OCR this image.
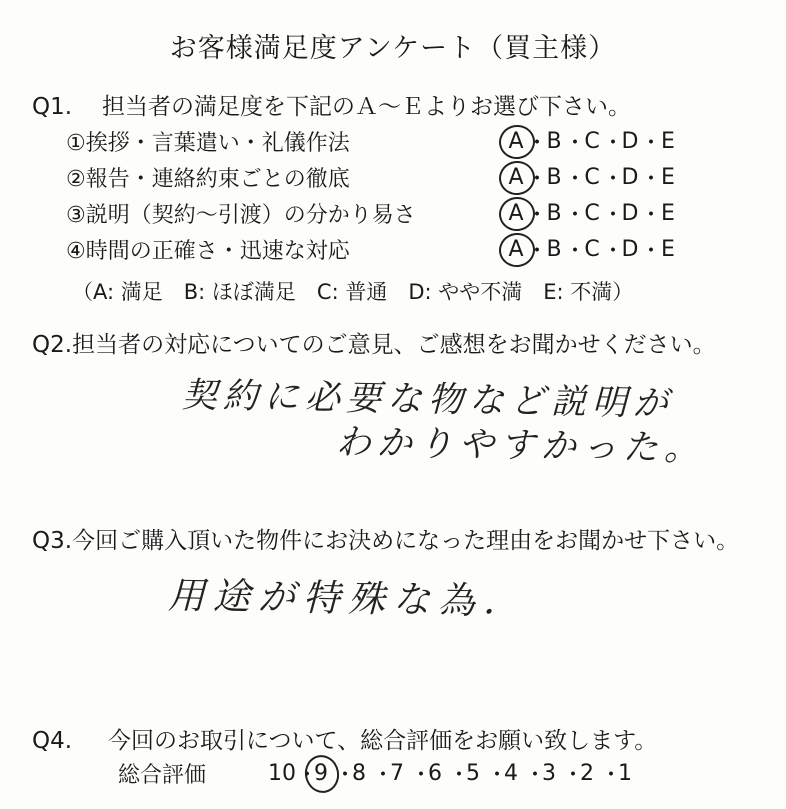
お客様満足度アンケート（買主様）
Q1. 担当者の満足度を下記のＡ～Ｅよりお選び下さい。
①挨拶・言葉遣い・礼儀作法
②報告・連絡約束ごとの徹底
③説明（契約～引渡）の分かり易さ
④時間の正確さ・迅速な対応
A ・
B ・
C ・
D ・ E
A ・
B ・
C ・
D ・ E
A ・
B ・
C ・
D ・ E
A ・
B ・
C ・
D ・ E
（A: 満足　B: ほぼ満足　C: 普通　D: やや不満　E: 不満）
Q2.担当者の対応についてのご意見、ご感想をお聞かせください。
契約に必要な物など説明が
わかりやすかった。
Q3.今回ご購入頂いた物件にお決めになった理由をお聞かせ下さい。
用途が特殊な為．
Q4. 今回のお取引について、総合評価をお願い致します。
総合評価	10 ・
9 ・
8 ・
7 ・
6 ・
5 ・
4 ・
3 ・
2 ・
1
